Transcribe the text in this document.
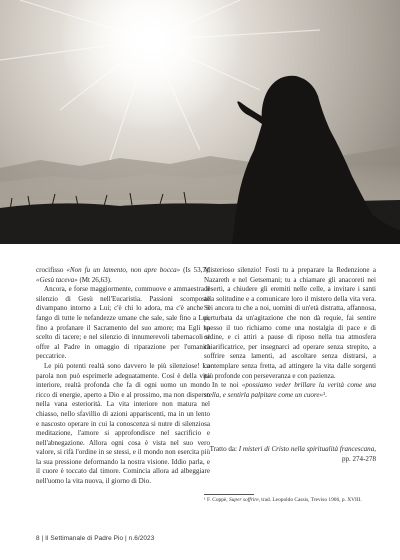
crocifisso «Non fu un lamento, non apre bocca» (Is 53,7), «Gesù taceva» (Mt 26,63).

Ancora, e forse maggiormente, commuove e ammaestra il silenzio di Gesù nell'Eucaristia. Passioni scomposte divampano intorno a Lui; c'è chi lo adora, ma c'è anche il fango di tutte le nefandezze umane che sale, sale fino a Lui, fino a profanare il Sacramento del suo amore; ma Egli ha scelto di tacere; e nel silenzio di innumerevoli tabernacoli si offre al Padre in omaggio di riparazione per l'umanità peccatrice.

Le più potenti realtà sono davvero le più silenziose! La parola non può esprimerle adeguatamente. Così è della vita interiore, realtà profonda che fa di ogni uomo un mondo ricco di energie, aperto a Dio e al prossimo, ma non disperso nella vana esteriorità. La vita interiore non matura nel chiasso, nello sfavillio di azioni appariscenti, ma in un lento e nascosto operare in cui la conoscenza si nutre di silenziosa meditazione, l'amore si approfondisce nel sacrificio e nell'abnegazione. Allora ogni cosa è vista nel suo vero valore, si rifà l'ordine in se stessi, e il mondo non esercita più la sua pressione deformando la nostra visione. Iddio parla, e il cuore è toccato dal timore. Comincia allora ad albeggiare nell'uomo la vita nuova, il giorno di Dio.

Misterioso silenzio! Fosti tu a preparare la Redenzione a Nazareth e nel Getsemani; tu a chiamare gli anacoreti nei deserti, a chiudere gli eremiti nelle celle, a invitare i santi alla solitudine e a comunicare loro il mistero della vita vera. Sei ancora tu che a noi, uomini di un'età distratta, affannosa, perturbata da un'agitazione che non dà requie, fai sentire spesso il tuo richiamo come una nostalgia di pace e di ordine, e ci attiri a pause di riposo nella tua atmosfera chiarificatrice, per insegnarci ad operare senza strepito, a soffrire senza lamenti, ad ascoltare senza distrarsi, a contemplare senza fretta, ad attingere la vita dalle sorgenti più profonde con perseveranza e con pazienza.

In te noi «possiamo veder brillare la verità come una stella, e sentirla palpitare come un cuore»¹.

Tratto da: I misteri di Cristo nella spiritualità francescana, pp. 274-278
¹ F. Coppè, Super soffrire, trad. Leopoldo Cassis, Treviso 1906, p. XVIII.
8 | Il Settimanale di Padre Pio | n.6/2023
